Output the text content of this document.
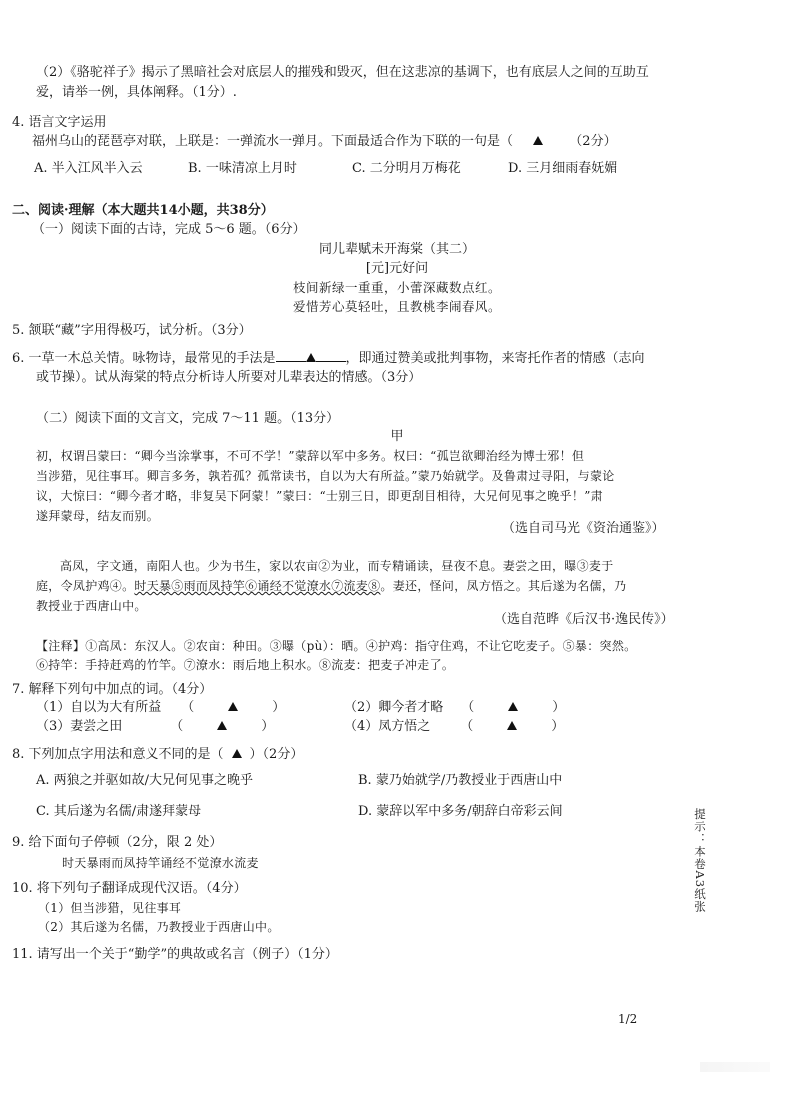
（2）《骆驼祥子》揭示了黑暗社会对底层人的摧残和毁灭，但在这悲凉的基调下，也有底层人之间的互助互
爱，请举一例，具体阐释。（1分）.
4. 语言文字运用
福州乌山的琵琶亭对联，上联是：一弹流水一弹月。下面最适合作为下联的一句是（	（2分）
A. 半入江风半入云	B. 一味清凉上月时	C. 二分明月万梅花	D. 三月细雨春妩媚
二、阅读·理解（本大题共14小题，共38分）
（一）阅读下面的古诗，完成 5～6 题。（6分）
同儿辈赋未开海棠（其二）
[元]元好问
枝间新绿一重重，小蕾深藏数点红。
爱惜芳心莫轻吐，且教桃李闹春风。
5. 颔联“藏”字用得极巧，试分析。（3分）
6. 一草一木总关情。咏物诗，最常见的手法是	，即通过赞美或批判事物，来寄托作者的情感（志向
或节操）。试从海棠的特点分析诗人所要对儿辈表达的情感。（3分）
（二）阅读下面的文言文，完成 7～11 题。（13分）
甲
初，权谓吕蒙曰：“卿今当涂掌事，不可不学！”蒙辞以军中多务。权曰：“孤岂欲卿治经为博士邪！但
当涉猎，见往事耳。卿言多务，孰若孤？孤常读书，自以为大有所益。”蒙乃始就学。及鲁肃过寻阳，与蒙论
议，大惊曰：“卿今者才略，非复吴下阿蒙！”蒙曰：“士别三日，即更刮目相待，大兄何见事之晚乎！”肃
遂拜蒙母，结友而别。
（选自司马光《资治通鉴》）
高凤，字文通，南阳人也。少为书生，家以农亩②为业，而专精诵读，昼夜不息。妻尝之田，曝③麦于
庭，令凤护鸡④。时天暴⑤雨而凤持竿⑥诵经不觉潦水⑦流麦⑧。妻还，怪问，凤方悟之。其后遂为名儒，乃
教授业于西唐山中。
（选自范晔《后汉书·逸民传》）
【注释】①高凤：东汉人。②农亩：种田。③曝（pù）：晒。④护鸡：指守住鸡，不让它吃麦子。⑤暴：突然。
⑥持竿：手持赶鸡的竹竿。⑦潦水：雨后地上积水。⑧流麦：把麦子冲走了。
7. 解释下列句中加点的词。（4分）
（1）自以为大有所益 （	）	（2）卿今者才略 （	）
（3）妻尝之田	（	）	（4）凤方悟之 （	）
8. 下列加点字用法和意义不同的是（ ）（2分）
A. 两狼之并驱如故/大兄何见事之晚乎	B. 蒙乃始就学/乃教授业于西唐山中
C. 其后遂为名儒/肃遂拜蒙母	D. 蒙辞以军中多务/朝辞白帝彩云间
9. 给下面句子停顿（2分，限 2 处）
时天暴雨而凤持竿诵经不觉潦水流麦
10. 将下列句子翻译成现代汉语。（4分）
（1）但当涉猎，见往事耳
（2）其后遂为名儒，乃教授业于西唐山中。
11. 请写出一个关于“勤学”的典故或名言（例子）（1分）
提示：本卷A3纸张
1/2
